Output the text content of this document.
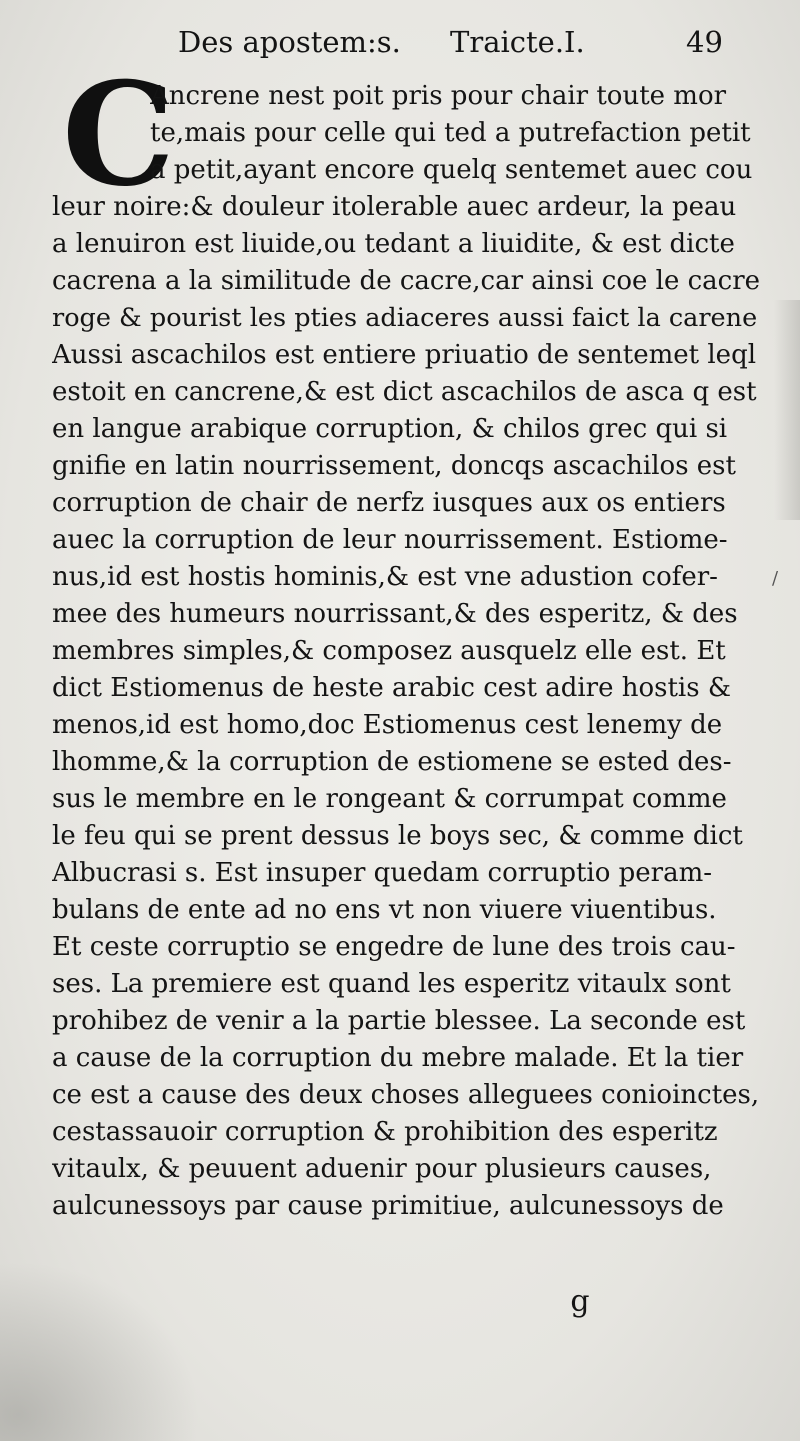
Des apostem:s. Traicte.I.	49
C
Ancrene nest poit pris pour chair toute mor
te,mais pour celle qui ted a putrefaction petit
a petit,ayant encore quelq sentemet auec cou
leur noire:& douleur itolerable auec ardeur, la peau
a lenuiron est liuide,ou tedant a liuidite, & est dicte
cacrena a la similitude de cacre,car ainsi coe le cacre
roge & pourist les pties adiaceres aussi faict la carene
Aussi ascachilos est entiere priuatio de sentemet leql
estoit en cancrene,& est dict ascachilos de asca q est
en langue arabique corruption, & chilos grec qui si
gnifie en latin nourrissement, doncqs ascachilos est
corruption de chair de nerfz iusques aux os entiers
auec la corruption de leur nourrissement. Estiome-
nus,id est hostis hominis,& est vne adustion cofer-
mee des humeurs nourrissant,& des esperitz, & des
membres simples,& composez ausquelz elle est. Et
dict Estiomenus de heste arabic cest adire hostis &
menos,id est homo,doc Estiomenus cest lenemy de
lhomme,& la corruption de estiomene se ested des-
sus le membre en le rongeant & corrumpat comme
le feu qui se prent dessus le boys sec, & comme dict
Albucrasi s. Est insuper quedam corruptio peram-
bulans de ente ad no ens vt non viuere viuentibus.
Et ceste corruptio se engedre de lune des trois cau-
ses. La premiere est quand les esperitz vitaulx sont
prohibez de venir a la partie blessee. La seconde est
a cause de la corruption du mebre malade. Et la tier
ce est a cause des deux choses alleguees conioinctes,
cestassauoir corruption & prohibition des esperitz
vitaulx, & peuuent aduenir pour plusieurs causes,
aulcunessoys par cause primitiue, aulcunessoys de
g
/
